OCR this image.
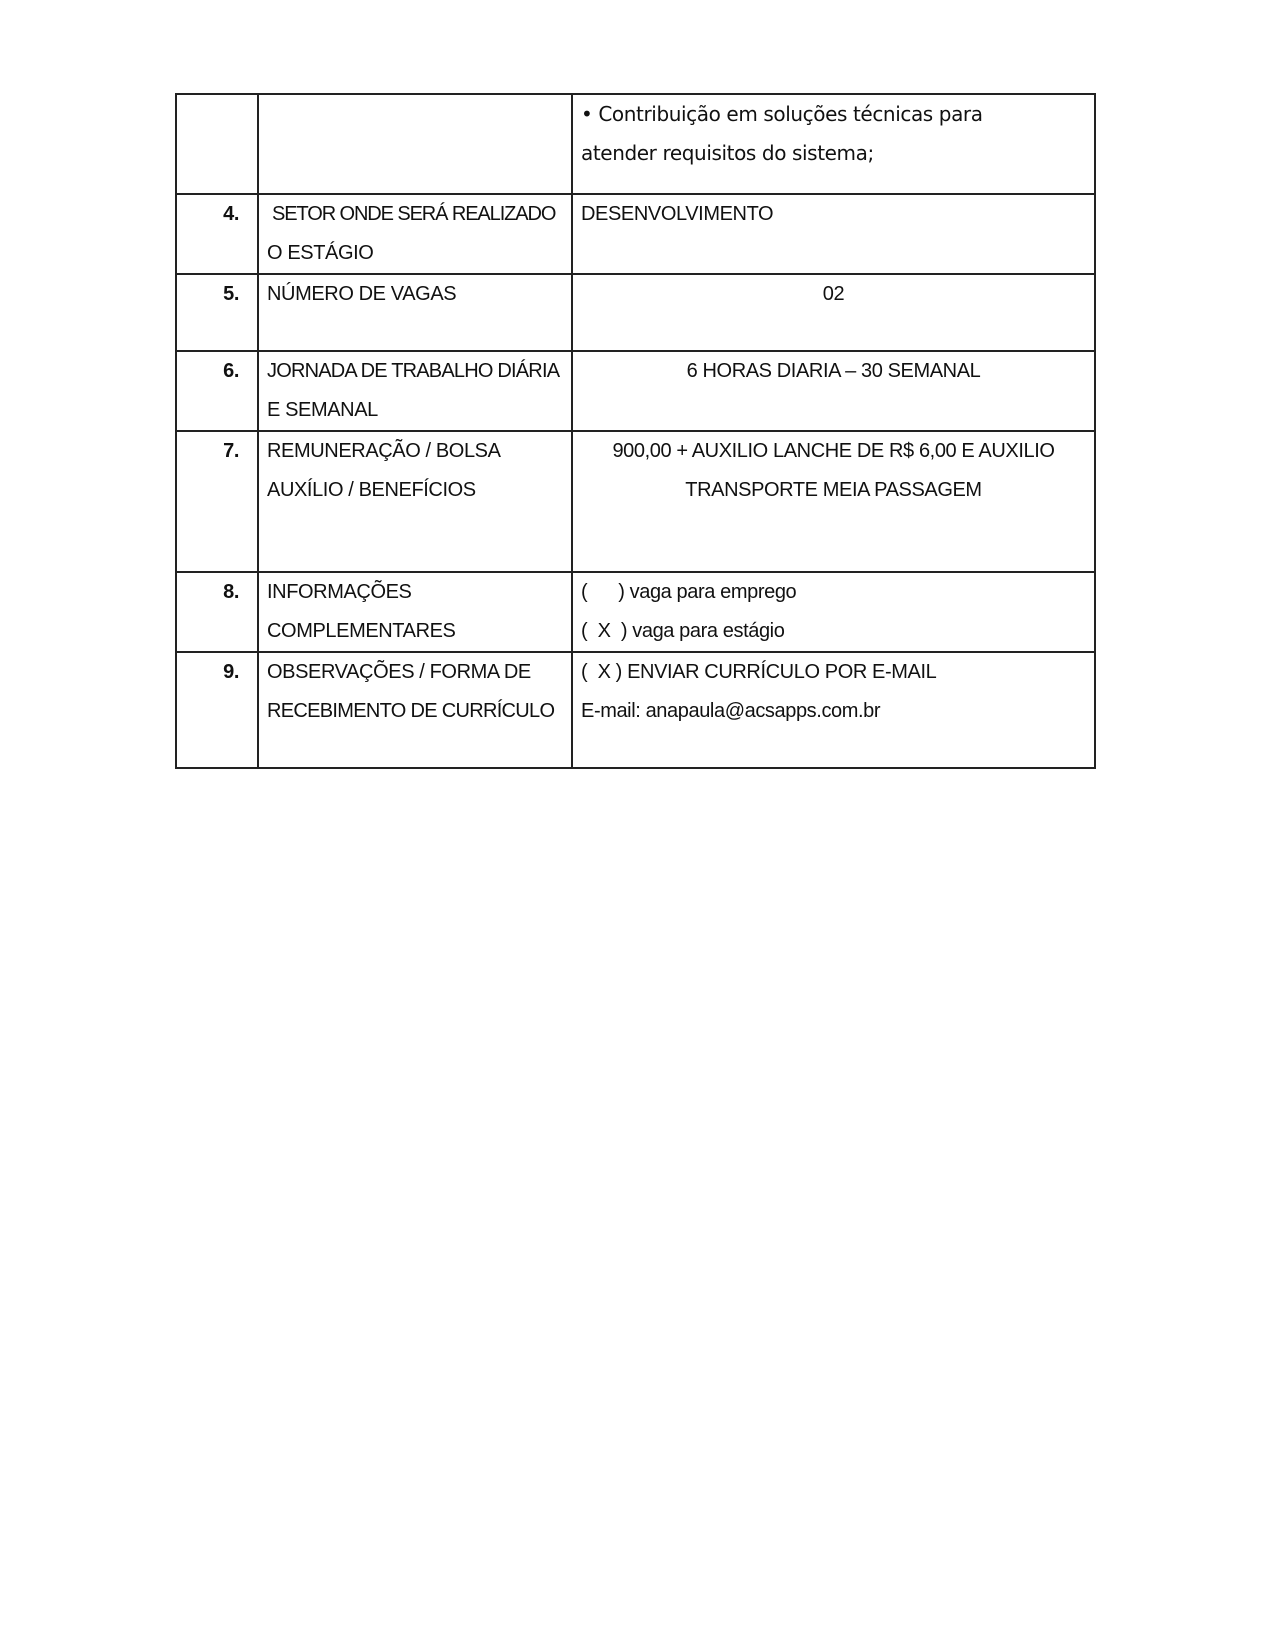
		• Contribuição em soluções técnicas para
atender requisitos do sistema;

4.	SETOR ONDE SERÁ REALIZADO
O ESTÁGIO	DESENVOLVIMENTO

5.	NÚMERO DE VAGAS	02

6.	JORNADA DE TRABALHO DIÁRIA
E SEMANAL	6 HORAS DIARIA – 30 SEMANAL

7.	REMUNERAÇÃO / BOLSA
AUXÍLIO / BENEFÍCIOS	900,00 + AUXILIO LANCHE DE R$ 6,00 E AUXILIO
TRANSPORTE MEIA PASSAGEM

8.	INFORMAÇÕES
COMPLEMENTARES	(      ) vaga para emprego
(  X  ) vaga para estágio

9.	OBSERVAÇÕES / FORMA DE
RECEBIMENTO DE CURRÍCULO	(  X ) ENVIAR CURRÍCULO POR E-MAIL
E-mail: anapaula@acsapps.com.br
